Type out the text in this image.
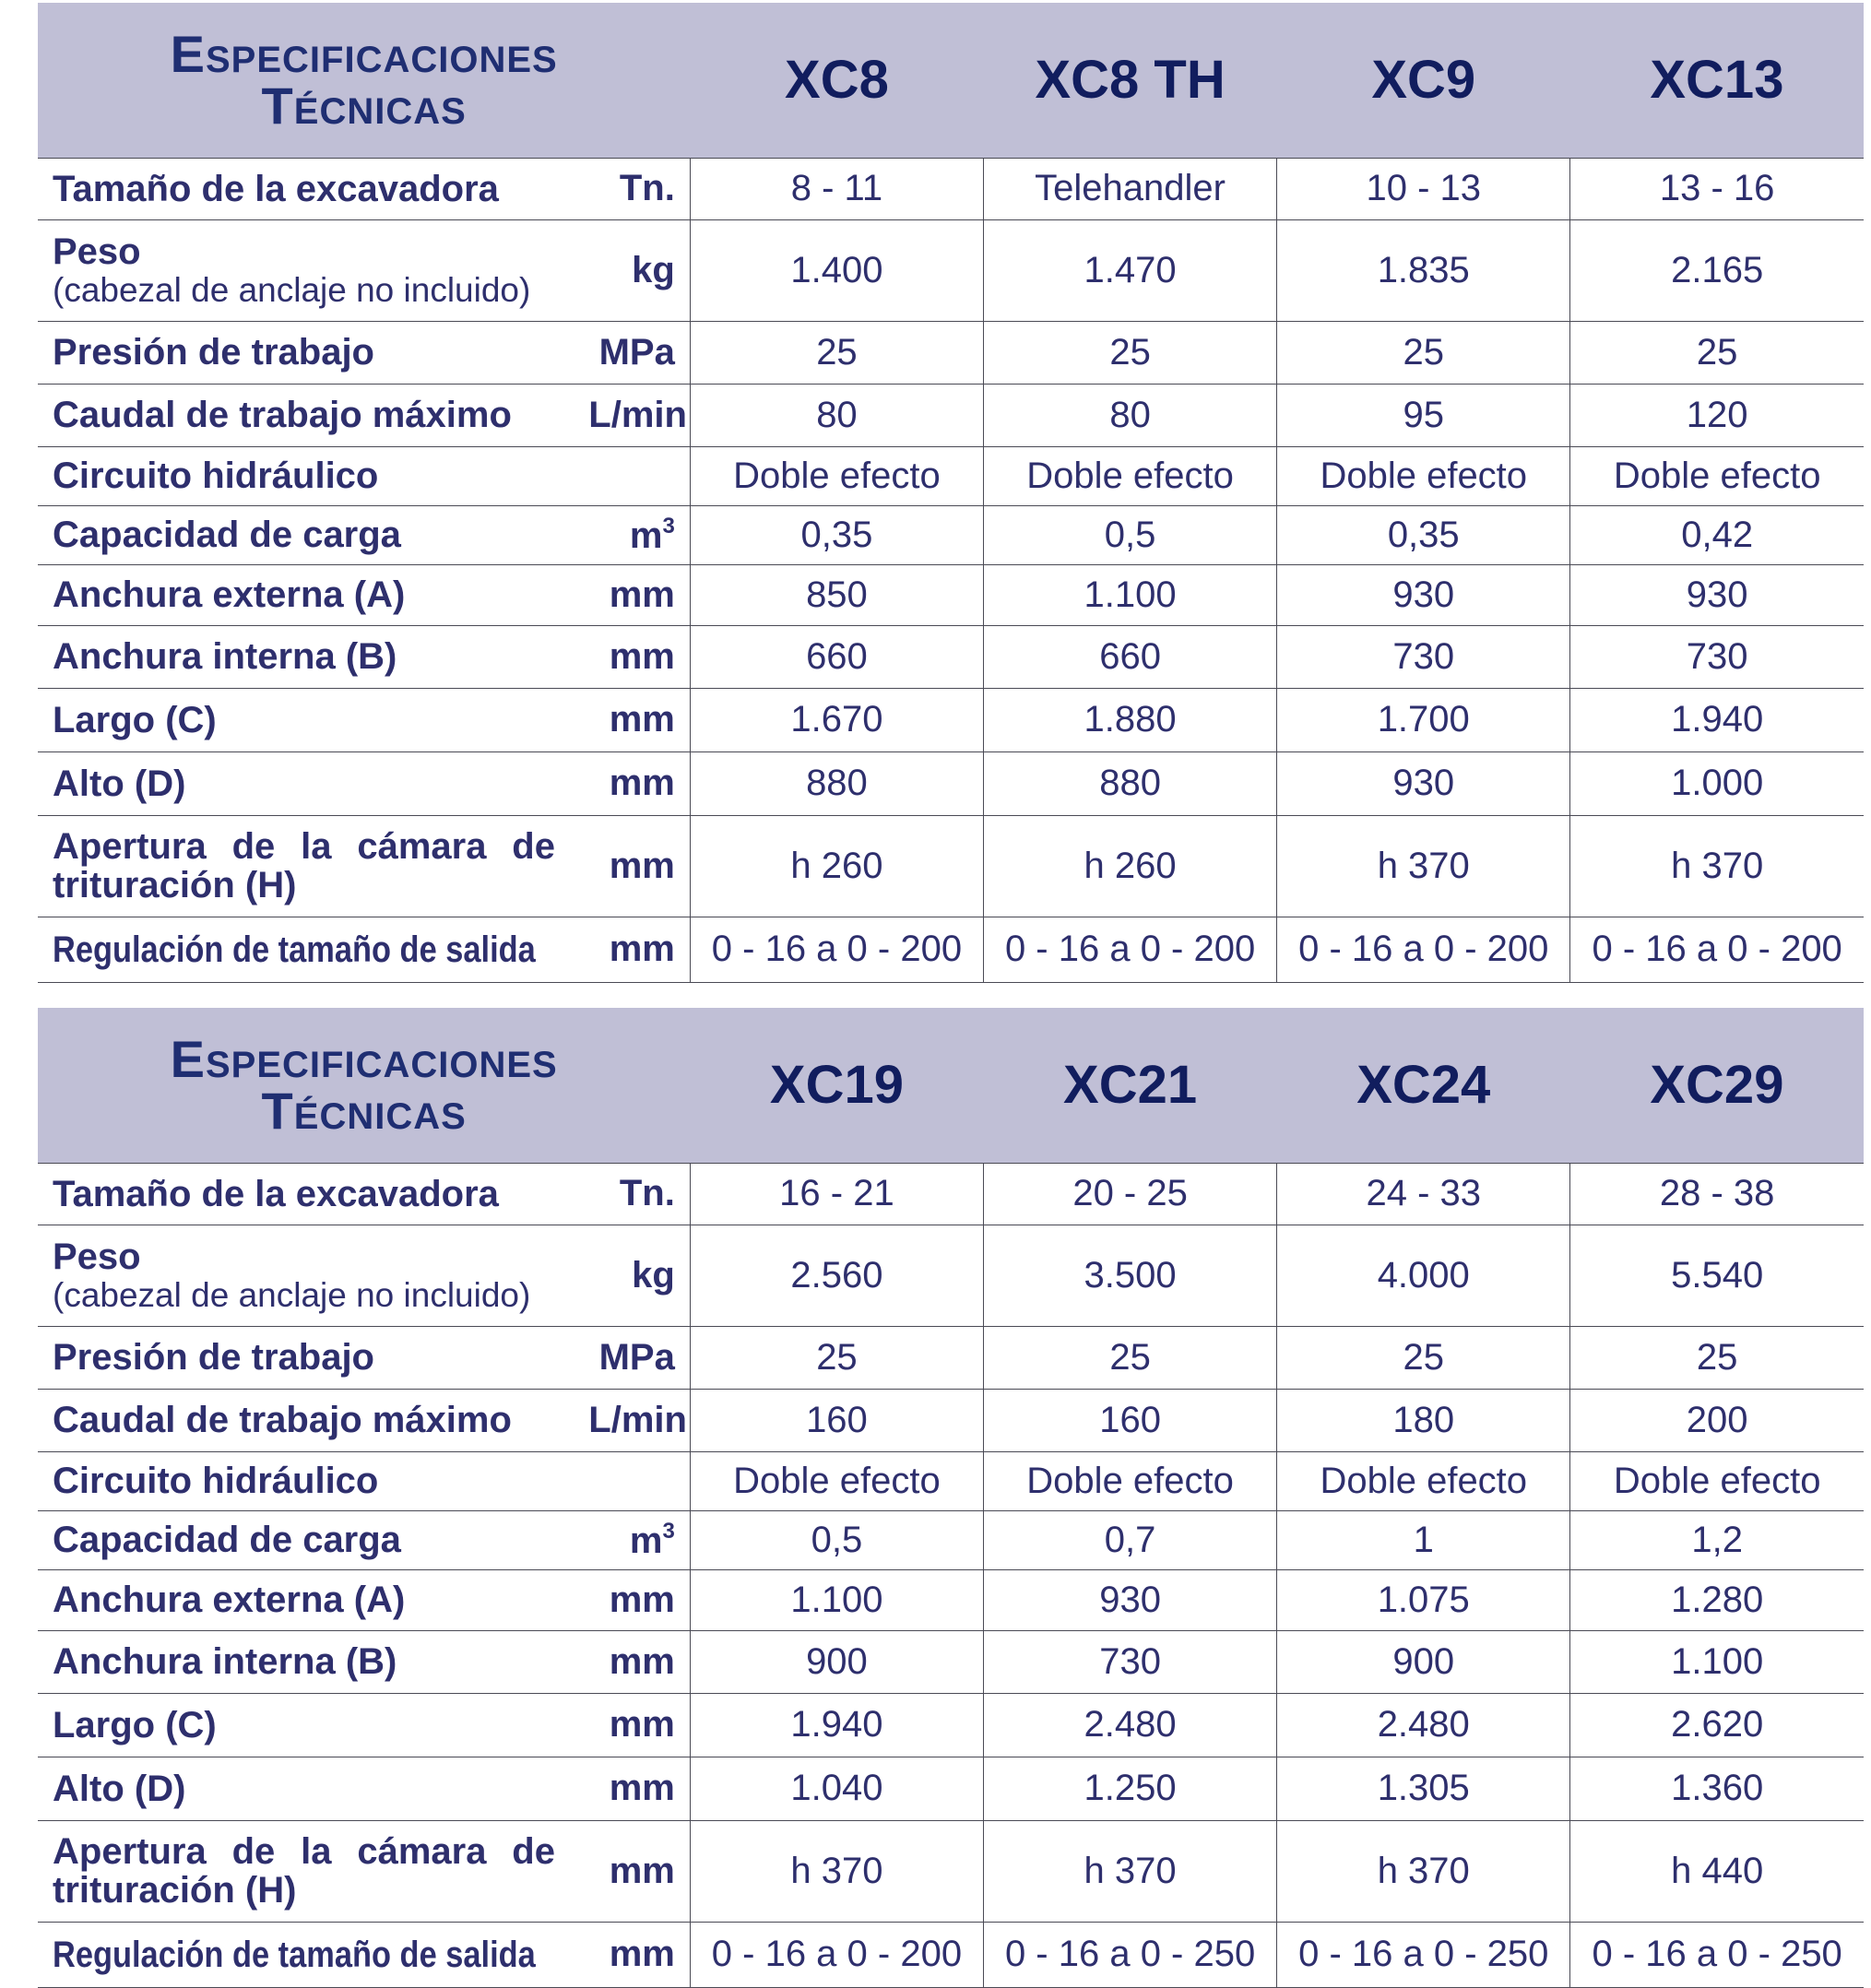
ESPECIFICACIONES
TÉCNICAS		XC8	XC8 TH	XC9	XC13
Tamaño de la excavadora	Tn.	8 - 11	Telehandler	10 - 13	13 - 16
Peso
(cabezal de anclaje no incluido)	kg	1.400	1.470	1.835	2.165
Presión de trabajo	MPa	25	25	25	25
Caudal de trabajo máximo	L/min	80	80	95	120
Circuito hidráulico		Doble efecto	Doble efecto	Doble efecto	Doble efecto
Capacidad de carga	$m^3$	0,35	0,5	0,35	0,42
Anchura externa (A)	mm	850	1.100	930	930
Anchura interna (B)	mm	660	660	730	730
Largo (C)	mm	1.670	1.880	1.700	1.940
Alto (D)	mm	880	880	930	1.000

Apertura de la cámara de trituración (H)	mm	h 260	h 260	h 370	h 370
Regulación de tamaño de salida	mm	0 - 16 a 0 - 200	0 - 16 a 0 - 200	0 - 16 a 0 - 200	0 - 16 a 0 - 200
ESPECIFICACIONES
TÉCNICAS		XC19	XC21	XC24	XC29
Tamaño de la excavadora	Tn.	16 - 21	20 - 25	24 - 33	28 - 38
Peso
(cabezal de anclaje no incluido)	kg	2.560	3.500	4.000	5.540
Presión de trabajo	MPa	25	25	25	25
Caudal de trabajo máximo	L/min	160	160	180	200
Circuito hidráulico		Doble efecto	Doble efecto	Doble efecto	Doble efecto
Capacidad de carga	$m^3$	0,5	0,7	1	1,2
Anchura externa (A)	mm	1.100	930	1.075	1.280
Anchura interna (B)	mm	900	730	900	1.100
Largo (C)	mm	1.940	2.480	2.480	2.620
Alto (D)	mm	1.040	1.250	1.305	1.360

Apertura de la cámara de trituración (H)	mm	h 370	h 370	h 370	h 440
Regulación de tamaño de salida	mm	0 - 16 a 0 - 200	0 - 16 a 0 - 250	0 - 16 a 0 - 250	0 - 16 a 0 - 250
